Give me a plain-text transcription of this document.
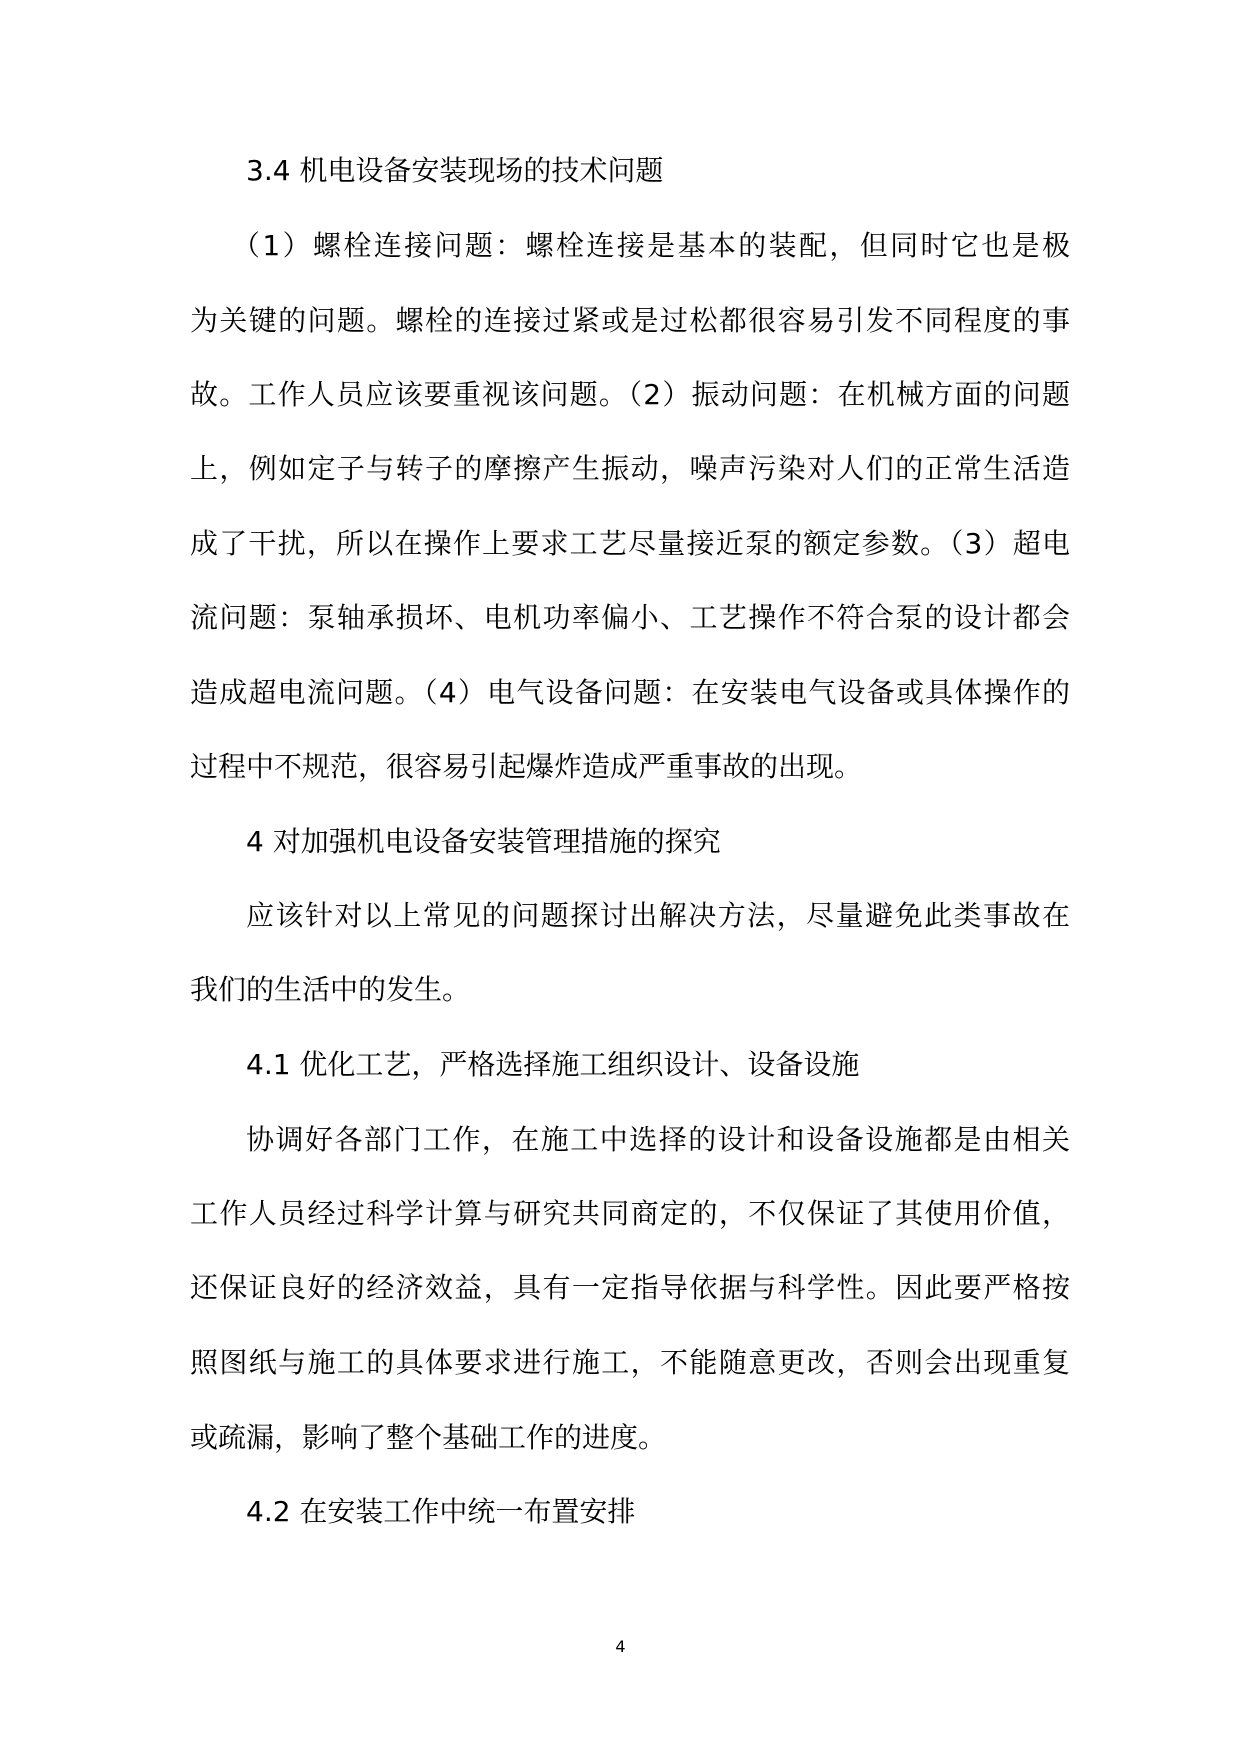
3.4 机电设备安装现场的技术问题
（1）螺栓连接问题：螺栓连接是基本的装配，但同时它也是极
为关键的问题。螺栓的连接过紧或是过松都很容易引发不同程度的事
故。工作人员应该要重视该问题。（2）振动问题：在机械方面的问题
上，例如定子与转子的摩擦产生振动，噪声污染对人们的正常生活造
成了干扰，所以在操作上要求工艺尽量接近泵的额定参数。（3）超电
流问题：泵轴承损坏、电机功率偏小、工艺操作不符合泵的设计都会
造成超电流问题。（4）电气设备问题：在安装电气设备或具体操作的
过程中不规范，很容易引起爆炸造成严重事故的出现。
4 对加强机电设备安装管理措施的探究
应该针对以上常见的问题探讨出解决方法，尽量避免此类事故在
我们的生活中的发生。
4.1 优化工艺，严格选择施工组织设计、设备设施
协调好各部门工作，在施工中选择的设计和设备设施都是由相关
工作人员经过科学计算与研究共同商定的，不仅保证了其使用价值，
还保证良好的经济效益，具有一定指导依据与科学性。因此要严格按
照图纸与施工的具体要求进行施工，不能随意更改，否则会出现重复
或疏漏，影响了整个基础工作的进度。
4.2 在安装工作中统一布置安排
4
